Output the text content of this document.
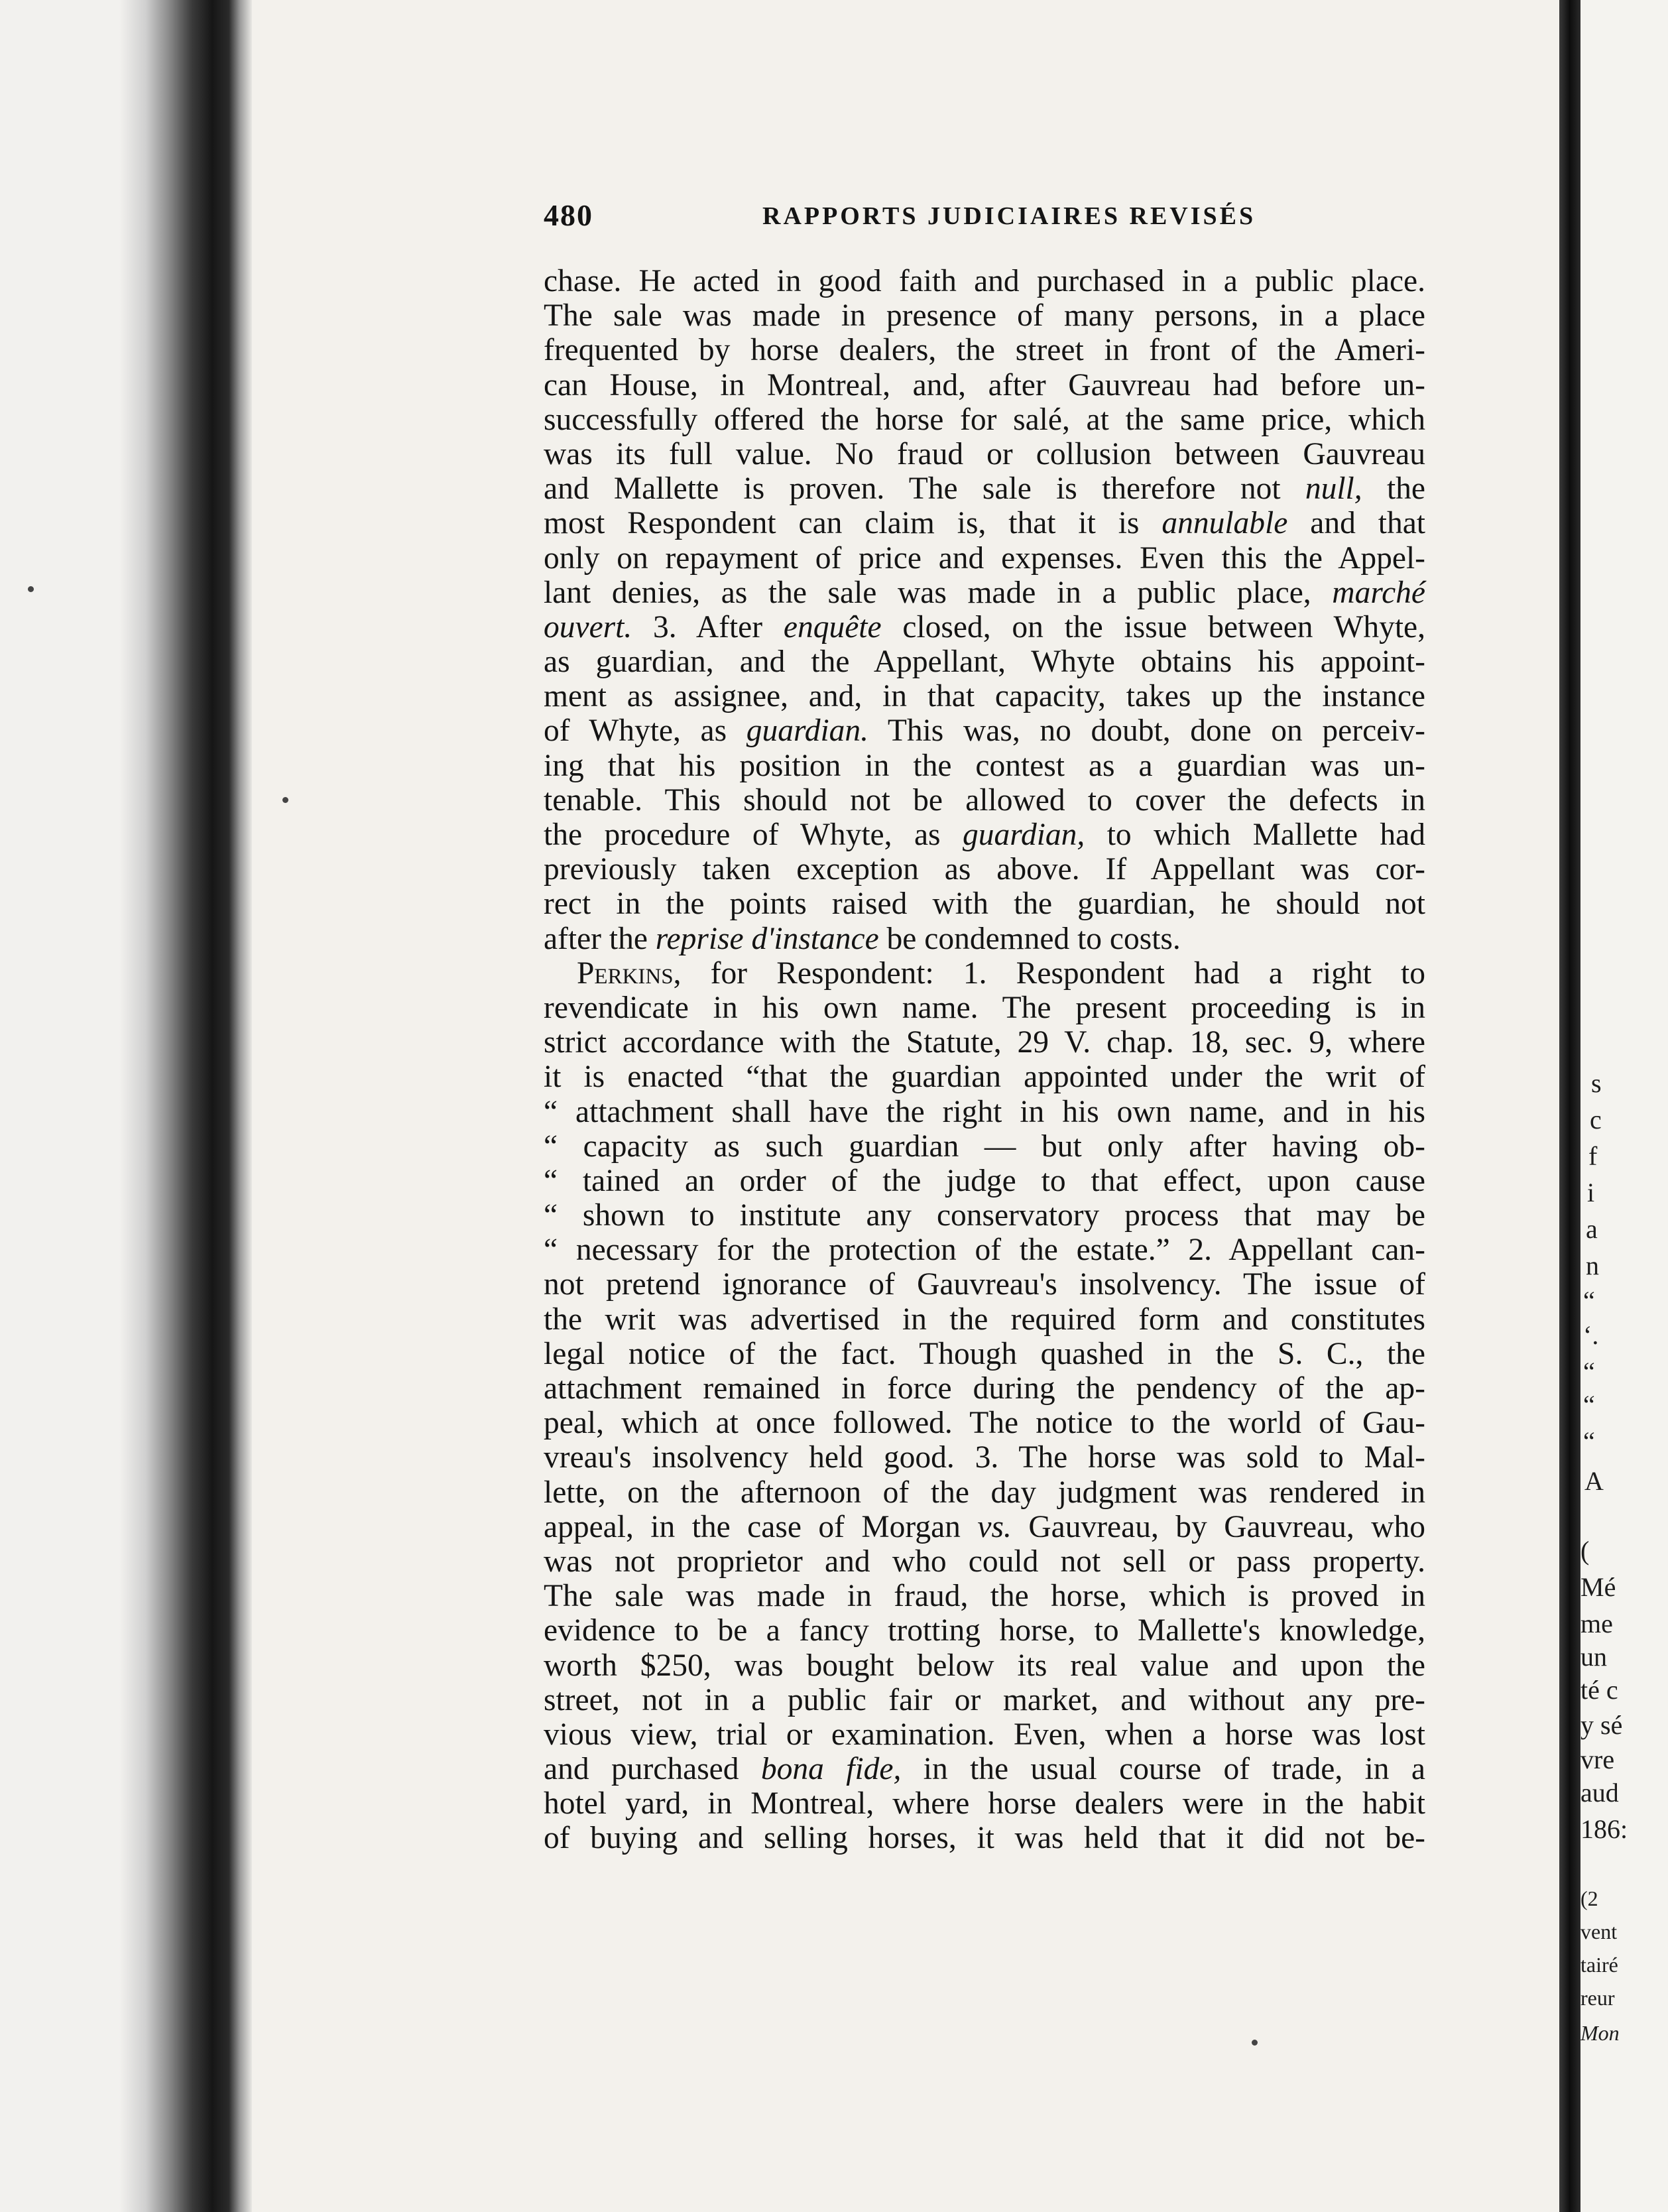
480	RAPPORTS JUDICIAIRES REVISÉS
chase. He acted in good faith and purchased in a public place.
The sale was made in presence of many persons, in a place
frequented by horse dealers, the street in front of the Ameri-
can House, in Montreal, and, after Gauvreau had before un-
successfully offered the horse for salé, at the same price, which
was its full value. No fraud or collusion between Gauvreau
and Mallette is proven. The sale is therefore not null, the
most Respondent can claim is, that it is annulable and that
only on repayment of price and expenses. Even this the Appel-
lant denies, as the sale was made in a public place, marché
ouvert. 3. After enquête closed, on the issue between Whyte,
as guardian, and the Appellant, Whyte obtains his appoint-
ment as assignee, and, in that capacity, takes up the instance
of Whyte, as guardian. This was, no doubt, done on perceiv-
ing that his position in the contest as a guardian was un-
tenable. This should not be allowed to cover the defects in
the procedure of Whyte, as guardian, to which Mallette had
previously taken exception as above. If Appellant was cor-
rect in the points raised with the guardian, he should not
after the reprise d'instance be condemned to costs.
Perkins, for Respondent: 1. Respondent had a right to
revendicate in his own name. The present proceeding is in
strict accordance with the Statute, 29 V. chap. 18, sec. 9, where
it is enacted “that the guardian appointed under the writ of
“ attachment shall have the right in his own name, and in his
“ capacity as such guardian — but only after having ob-
“ tained an order of the judge to that effect, upon cause
“ shown to institute any conservatory process that may be
“ necessary for the protection of the estate.” 2. Appellant can-
not pretend ignorance of Gauvreau's insolvency. The issue of
the writ was advertised in the required form and constitutes
legal notice of the fact. Though quashed in the S. C., the
attachment remained in force during the pendency of the ap-
peal, which at once followed. The notice to the world of Gau-
vreau's insolvency held good. 3. The horse was sold to Mal-
lette, on the afternoon of the day judgment was rendered in
appeal, in the case of Morgan vs. Gauvreau, by Gauvreau, who
was not proprietor and who could not sell or pass property.
The sale was made in fraud, the horse, which is proved in
evidence to be a fancy trotting horse, to Mallette's knowledge,
worth $250, was bought below its real value and upon the
street, not in a public fair or market, and without any pre-
vious view, trial or examination. Even, when a horse was lost
and purchased bona fide, in the usual course of trade, in a
hotel yard, in Montreal, where horse dealers were in the habit
of buying and selling horses, it was held that it did not be-
s
c
f
i
a
n
“
‘.
“
“
“
A
(
Mé
me
un
té c
y sé
vre
aud
186:
(2
vent
tairé
reur
Mon
